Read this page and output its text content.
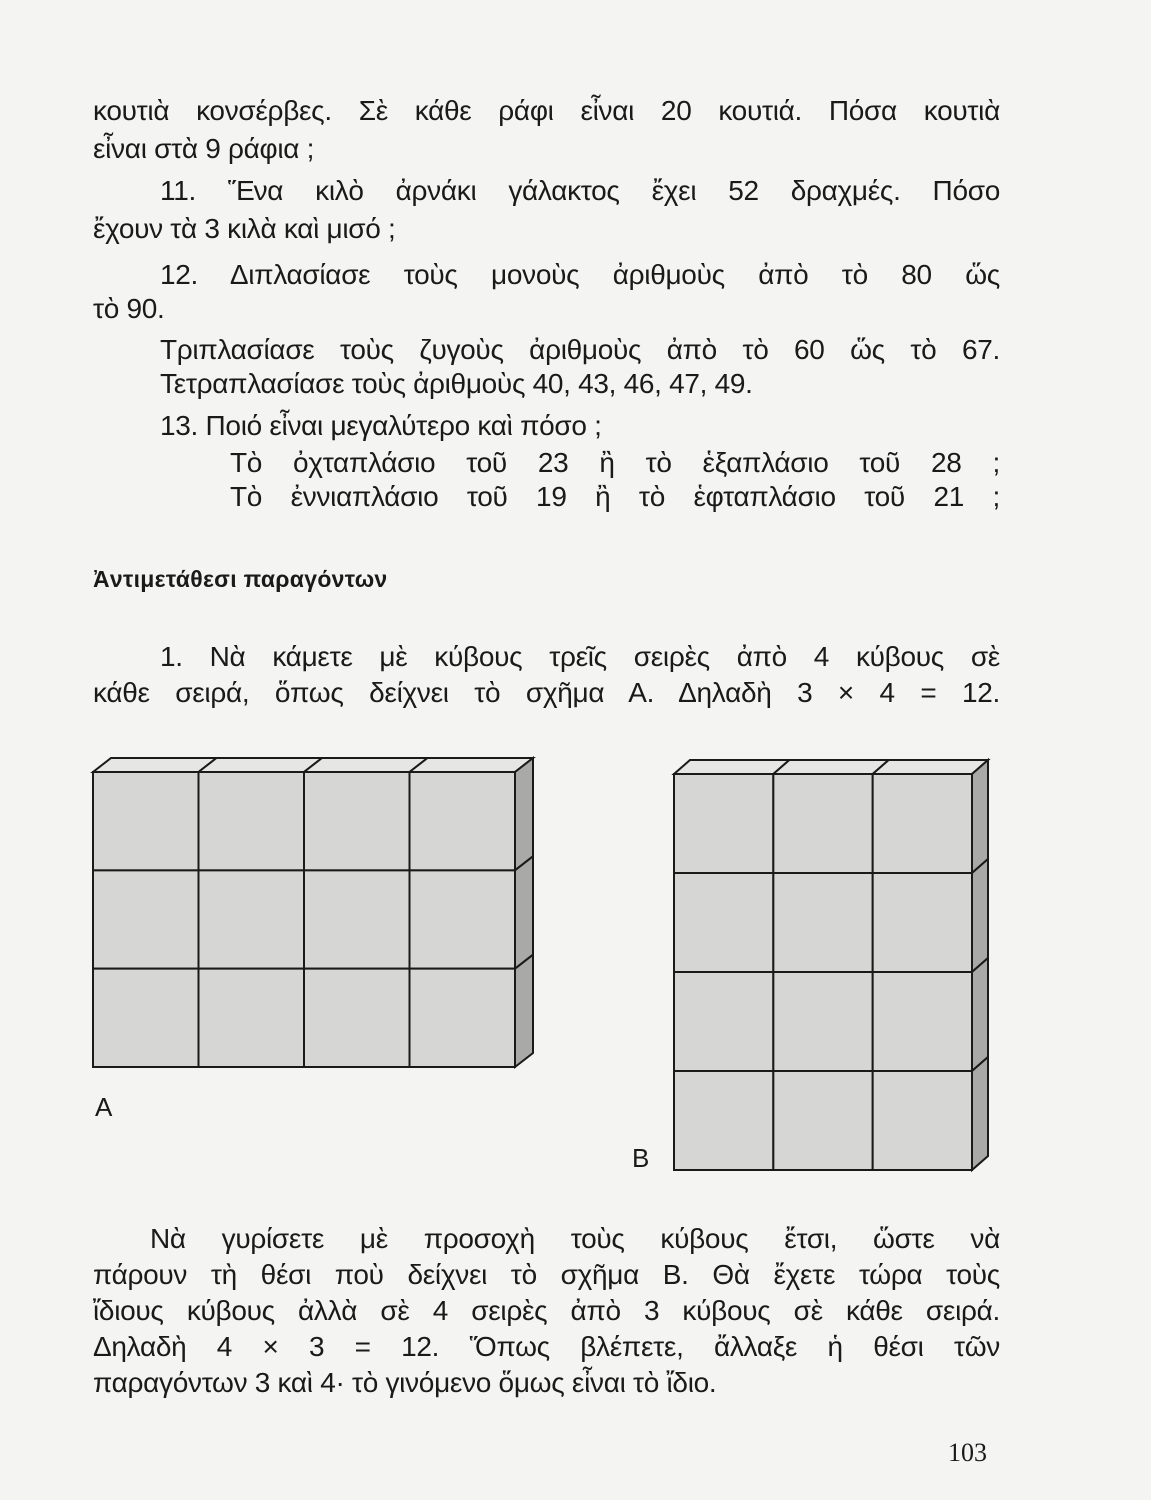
κουτιὰ κονσέρβες. Σὲ κάθε ράφι εἶναι 20 κουτιά. Πόσα κουτιὰ
εἶναι στὰ 9 ράφια ;
11. Ἕνα κιλὸ ἀρνάκι γάλακτος ἔχει 52 δραχμές. Πόσο
ἔχουν τὰ 3 κιλὰ καὶ μισό ;
12. Διπλασίασε τοὺς μονοὺς ἀριθμοὺς ἀπὸ τὸ 80 ὥς
τὸ 90.
Τριπλασίασε τοὺς ζυγοὺς ἀριθμοὺς ἀπὸ τὸ 60 ὥς τὸ 67.
Τετραπλασίασε τοὺς ἀριθμοὺς 40, 43, 46, 47, 49.
13. Ποιό εἶναι μεγαλύτερο καὶ πόσο ;
Τὸ ὀχταπλάσιο τοῦ 23 ἢ τὸ ἑξαπλάσιο τοῦ 28 ;
Τὸ ἐννιαπλάσιο τοῦ 19 ἢ τὸ ἑφταπλάσιο τοῦ 21 ;
Ἀντιμετάθεσι παραγόντων
1. Νὰ κάμετε μὲ κύβους τρεῖς σειρὲς ἀπὸ 4 κύβους σὲ
κάθε σειρά, ὅπως δείχνει τὸ σχῆμα Α. Δηλαδὴ 3 × 4 = 12.
Α
Β
Νὰ γυρίσετε μὲ προσοχὴ τοὺς κύβους ἔτσι, ὥστε νὰ
πάρουν τὴ θέσι ποὺ δείχνει τὸ σχῆμα Β. Θὰ ἔχετε τώρα τοὺς
ἴδιους κύβους ἀλλὰ σὲ 4 σειρὲς ἀπὸ 3 κύβους σὲ κάθε σειρά.
Δηλαδὴ 4 × 3 = 12. Ὅπως βλέπετε, ἄλλαξε ἡ θέσι τῶν
παραγόντων 3 καὶ 4· τὸ γινόμενο ὅμως εἶναι τὸ ἴδιο.
103
